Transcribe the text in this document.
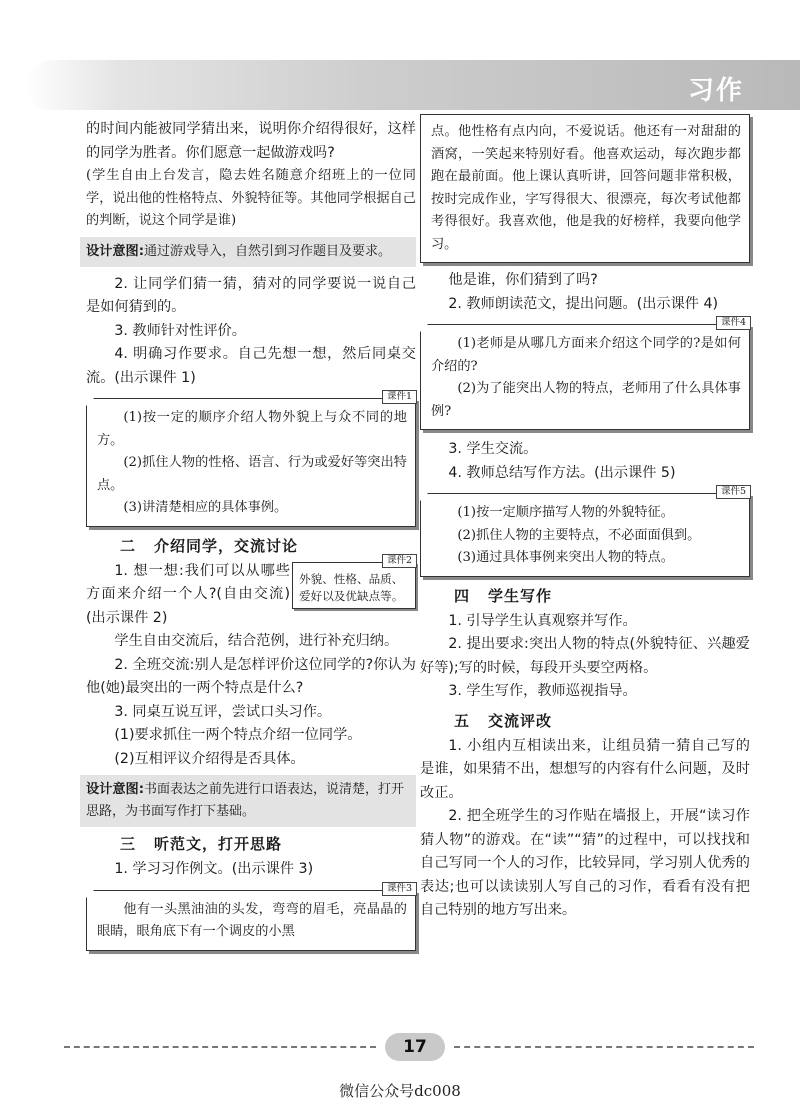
习作

的时间内能被同学猜出来，说明你介绍得很好，这样的同学为胜者。你们愿意一起做游戏吗?

(学生自由上台发言，隐去姓名随意介绍班上的一位同学，说出他的性格特点、外貌特征等。其他同学根据自己的判断，说这个同学是谁)

设计意图:通过游戏导入，自然引到习作题目及要求。

2. 让同学们猜一猜，猜对的同学要说一说自己是如何猜到的。

3. 教师针对性评价。

4. 明确习作要求。自己先想一想，然后同桌交流。(出示课件 1)

课件1

(1)按一定的顺序介绍人物外貌上与众不同的地方。

(2)抓住人物的性格、语言、行为或爱好等突出特点。

(3)讲清楚相应的具体事例。

二 介绍同学，交流讨论
课件2
外貌、性格、品质、爱好以及优缺点等。

1. 想一想:我们可以从哪些方面来介绍一个人?(自由交流)(出示课件 2)

学生自由交流后，结合范例，进行补充归纳。

2. 全班交流:别人是怎样评价这位同学的?你认为他(她)最突出的一两个特点是什么?

3. 同桌互说互评，尝试口头习作。

(1)要求抓住一两个特点介绍一位同学。

(2)互相评议介绍得是否具体。

设计意图:书面表达之前先进行口语表达，说清楚，打开思路，为书面写作打下基础。
三 听范文，打开思路

1. 学习习作例文。(出示课件 3)

课件3

他有一头黑油油的头发，弯弯的眉毛，亮晶晶的眼睛，眼角底下有一个调皮的小黑

点。他性格有点内向，不爱说话。他还有一对甜甜的酒窝，一笑起来特别好看。他喜欢运动，每次跑步都跑在最前面。他上课认真听讲，回答问题非常积极，按时完成作业，字写得很大、很漂亮，每次考试他都考得很好。我喜欢他，他是我的好榜样，我要向他学习。

他是谁，你们猜到了吗?

2. 教师朗读范文，提出问题。(出示课件 4)

课件4

(1)老师是从哪几方面来介绍这个同学的?是如何介绍的?

(2)为了能突出人物的特点，老师用了什么具体事例?

3. 学生交流。

4. 教师总结写作方法。(出示课件 5)

课件5

(1)按一定顺序描写人物的外貌特征。

(2)抓住人物的主要特点，不必面面俱到。

(3)通过具体事例来突出人物的特点。

四 学生写作

1. 引导学生认真观察并写作。

2. 提出要求:突出人物的特点(外貌特征、兴趣爱好等);写的时候，每段开头要空两格。

3. 学生写作，教师巡视指导。

五 交流评改

1. 小组内互相读出来，让组员猜一猜自己写的是谁，如果猜不出，想想写的内容有什么问题，及时改正。

2. 把全班学生的习作贴在墙报上，开展“读习作猜人物”的游戏。在“读”“猜”的过程中，可以找找和自己写同一个人的习作，比较异同，学习别人优秀的表达;也可以读读别人写自己的习作，看看有没有把自己特别的地方写出来。

17
微信公众号dc008
